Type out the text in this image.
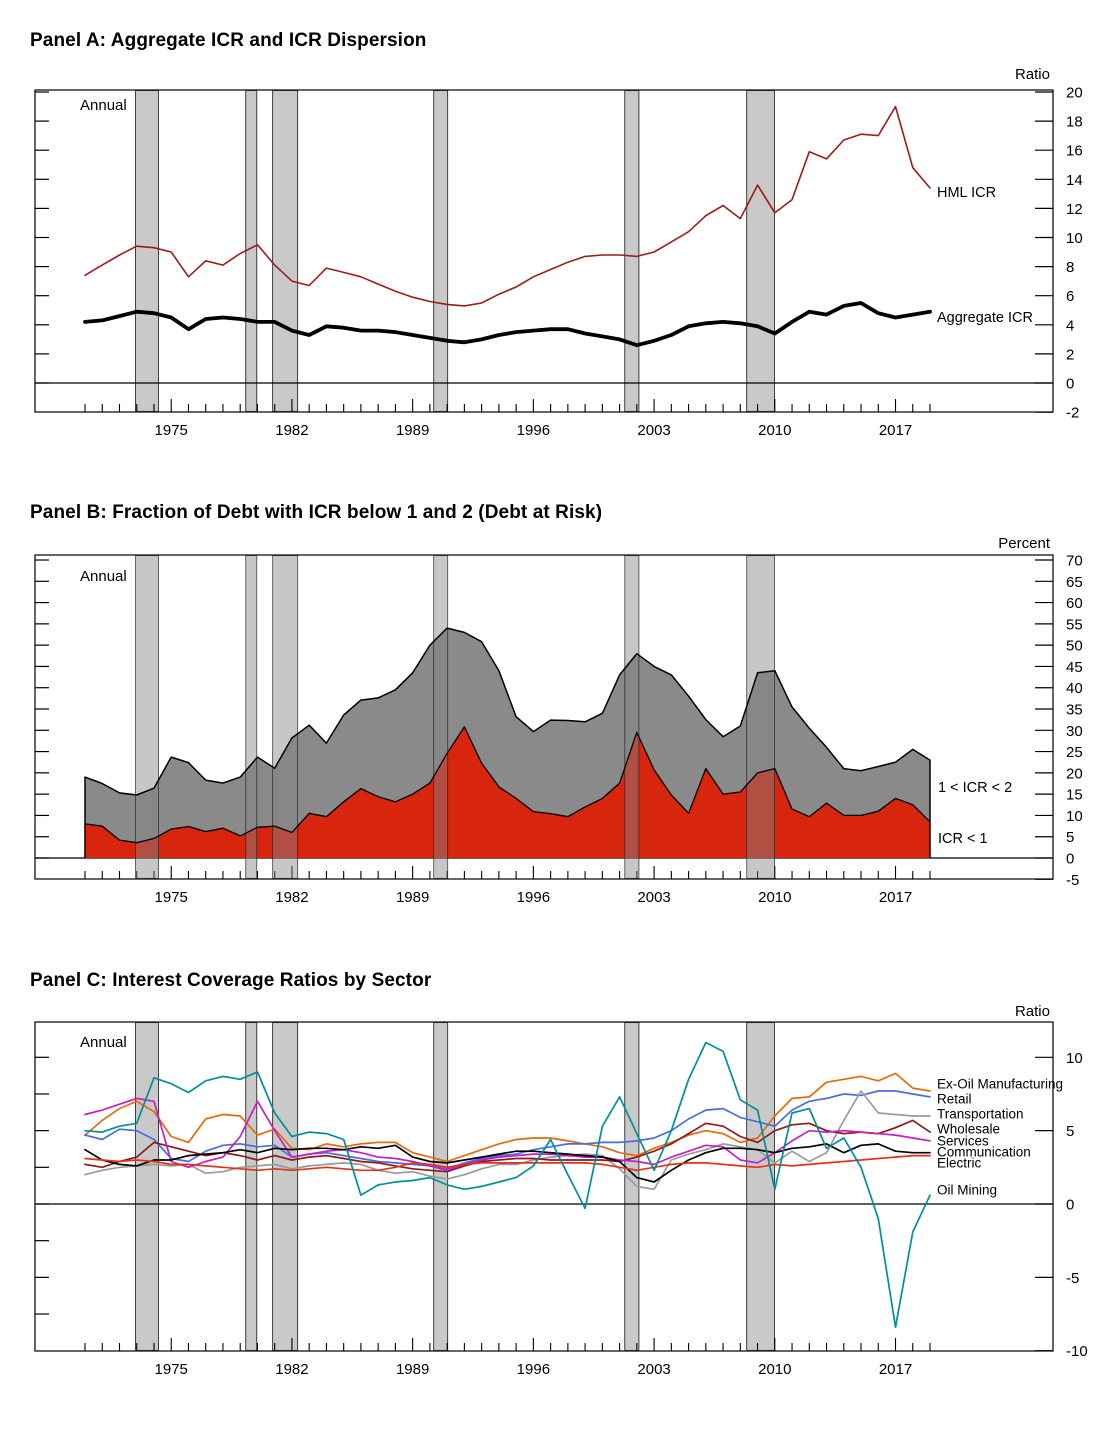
Panel A: Aggregate ICR and ICR Dispersion
Panel B: Fraction of Debt with ICR below 1 and 2 (Debt at Risk)
Panel C: Interest Coverage Ratios by Sector
Ratio
Percent
Ratio
Annual
Annual
Annual
20
18
16
14
12
10
8
6
4
2
0
-2
1975	1982	1989	1996	2003	2010	2017
70
65
60
55
50
45
40
35
30
25
20
15
10
5
0
-5
1975	1982	1989	1996	2003	2010	2017
10
5
0
-5
-10
1975	1982	1989	1996	2003	2010	2017
HML ICR
Aggregate ICR
1 < ICR < 2
ICR < 1
Ex-Oil Manufacturing
Retail
Transportation
Wholesale
Services
Communication
Electric
Oil Mining
